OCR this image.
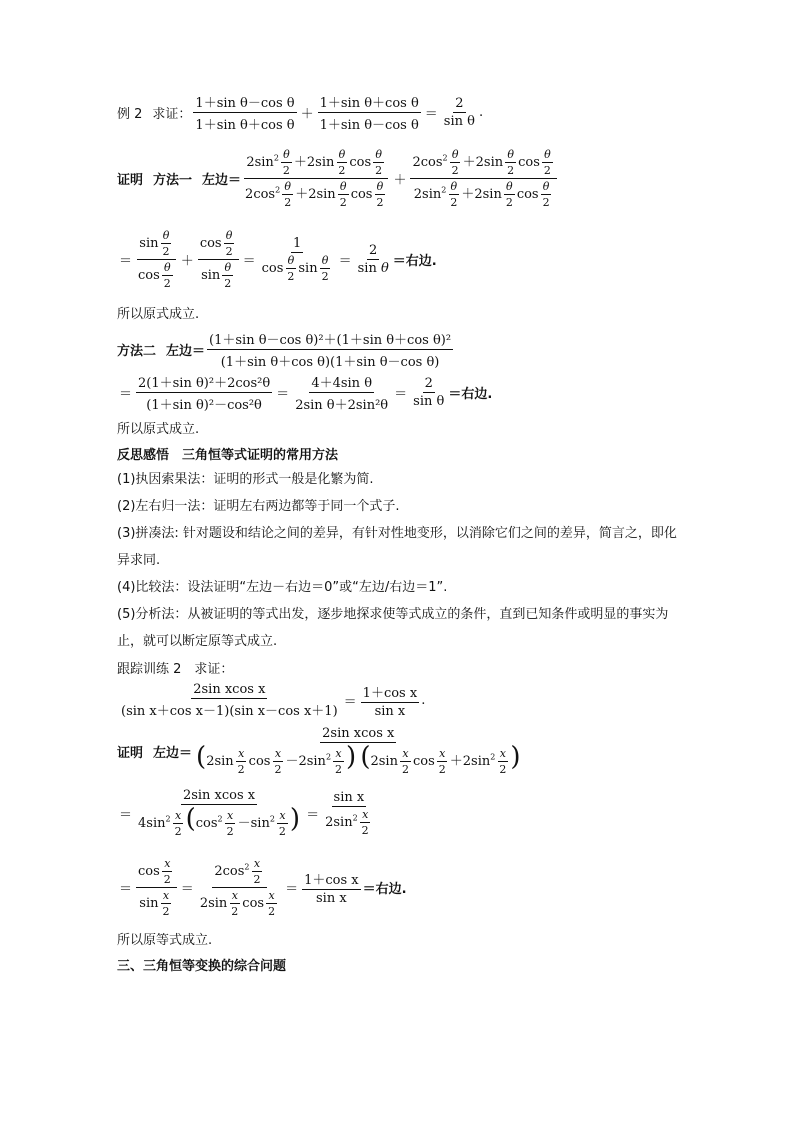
例 2 求证： $\frac{\text{1＋sin θ－cos θ}}{\text{1＋sin θ＋cos θ}} + \frac{\text{1＋sin θ＋cos θ}}{\text{1＋sin θ－cos θ}} = \frac{2}{\text{sin θ}}$ .
证明 方法一 左边＝ $\frac{2\sin^2 \frac{\theta}{2} +2\sin \frac{\theta}{2} \cos \frac{\theta}{2}}{2\cos^2 \frac{\theta}{2} +2\sin \frac{\theta}{2} \cos \frac{\theta}{2}} + \frac{2\cos^2 \frac{\theta}{2} +2\sin \frac{\theta}{2} \cos \frac{\theta}{2}}{2\sin^2 \frac{\theta}{2} +2\sin \frac{\theta}{2} \cos \frac{\theta}{2}}$
＝ $\frac{\sin \frac{\theta}{2}}{\cos \frac{\theta}{2}} + \frac{\cos \frac{\theta}{2}}{\sin \frac{\theta}{2}} = \frac{1}{\cos \frac{\theta}{2} \sin \frac{\theta}{2}} = \frac{2}{\text{sin θ}}$ ＝右边.
所以原式成立.
方法二 左边＝ $\frac{\text{(1＋sin θ－cos θ)²＋(1＋sin θ＋cos θ)²}}{\text{(1＋sin θ＋cos θ)(1＋sin θ－cos θ)}}$
＝ $\frac{\text{2(1＋sin θ)²＋2cos²θ}}{\text{(1＋sin θ)²－cos²θ}} = \frac{\text{4＋4sin θ}}{\text{2sin θ＋2sin²θ}} = \frac{2}{\text{sin θ}}$ ＝右边.
所以原式成立.
反思感悟　三角恒等式证明的常用方法
(1)执因索果法：证明的形式一般是化繁为简.
(2)左右归一法：证明左右两边都等于同一个式子.
(3)拼凑法: 针对题设和结论之间的差异，有针对性地变形，以消除它们之间的差异，简言之，即化异求同.
(4)比较法：设法证明“左边－右边＝0”或“左边/右边＝1”.
(5)分析法：从被证明的等式出发，逐步地探求使等式成立的条件，直到已知条件或明显的事实为止，就可以断定原等式成立.
跟踪训练 2　求证：
$\frac{\text{2sin xcos x}}{\text{(sin x＋cos x－1)(sin x－cos x＋1)}} = \frac{\text{1＋cos x}}{\text{sin x}}$ .
证明 左边＝ $\frac{\text{2sin xcos x}}{(2\sin \frac{x}{2} \cos \frac{x}{2} -2\sin^2 \frac{x}{2} ) (2\sin \frac{x}{2} \cos \frac{x}{2} +2\sin^2 \frac{x}{2} )}$
＝ $\frac{\text{2sin xcos x}}{4\sin^2 \frac{x}{2} (\cos^2 \frac{x}{2} -\sin^2 \frac{x}{2} )} = \frac{\text{sin x}}{2\sin^2 \frac{x}{2}}$
＝ $\frac{\cos \frac{x}{2}}{\sin \frac{x}{2}} = \frac{2\cos^2 \frac{x}{2}}{2\sin \frac{x}{2} \cos \frac{x}{2}} = \frac{\text{1＋cos x}}{\text{sin x}}$ ＝右边.
所以原等式成立.
三、三角恒等变换的综合问题
